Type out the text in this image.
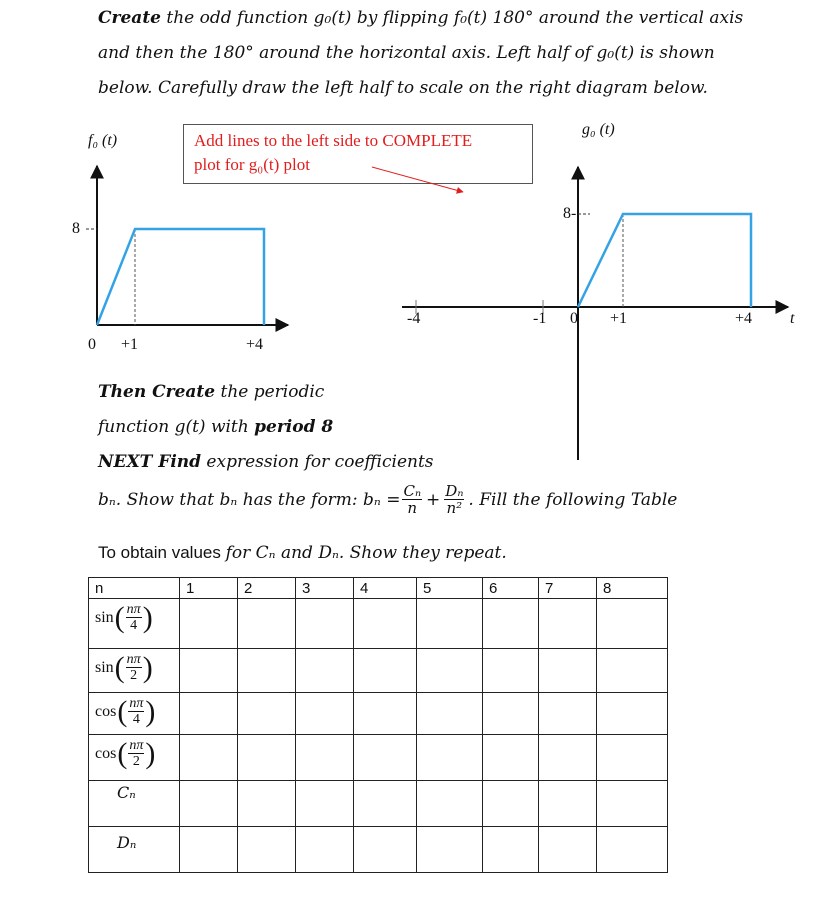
Create the odd function g₀(t) by flipping f₀(t) 180° around the vertical axis
and then the 180° around the horizontal axis. Left half of g₀(t) is shown
below. Carefully draw the left half to scale on the right diagram below.
Add lines to the left side to COMPLETE
plot for g₀(t) plot
f₀ (t)
8
0 +1	+4
g₀ (t)
8-
-4	-1 0 +1	+4 t
Then Create the periodic
function g(t) with period 8
NEXT Find expression for coefficients
bₙ. Show that bₙ has the form: $b_n = \frac{\text{Cₙ}}{n} + \frac{\text{Dₙ}}{\text{n²}}$ . Fill the following Table
To obtain values for Cₙ and Dₙ. Show they repeat.
n	1	2	3	4	5	6	7	8

sin ( $\frac{n\pi}{4}$ )								

sin ( $\frac{n\pi}{2}$ )								

cos ( $\frac{n\pi}{4}$ )								

cos ( $\frac{n\pi}{2}$ )								

Cₙ								

Dₙ								
